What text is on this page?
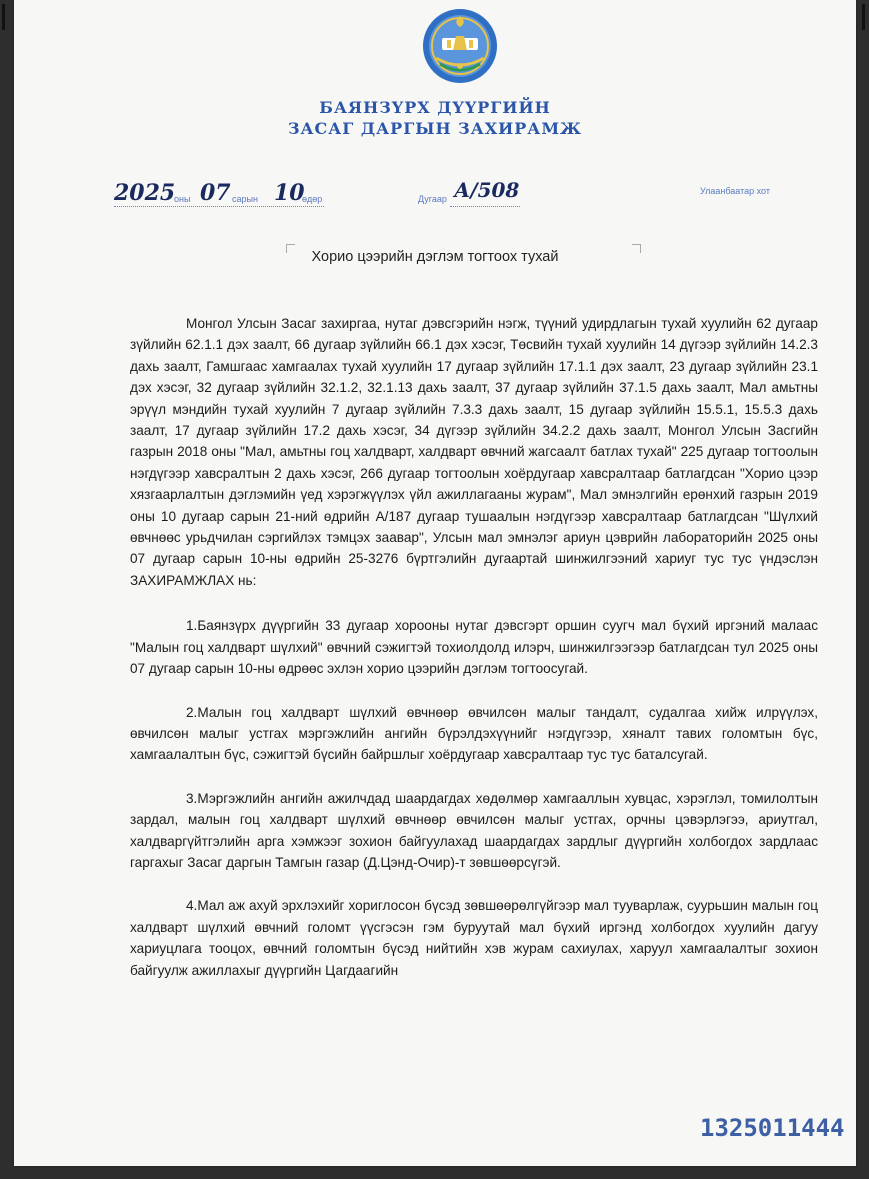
БАЯНЗҮРХ ДҮҮРГИЙН
ЗАСАГ ДАРГЫН ЗАХИРАМЖ
2025
оны 07 сарын 10
өдөр	Дугаар А/508	Улаанбаатар хот
Хорио цээрийн дэглэм тогтоох тухай

Монгол Улсын Засаг захиргаа, нутаг дэвсгэрийн нэгж, түүний удирдлагын тухай хуулийн 62 дугаар зүйлийн 62.1.1 дэх заалт, 66 дугаар зүйлийн 66.1 дэх хэсэг, Төсвийн тухай хуулийн 14 дүгээр зүйлийн 14.2.3 дахь заалт, Гамшгаас хамгаалах тухай хуулийн 17 дугаар зүйлийн 17.1.1 дэх заалт, 23 дугаар зүйлийн 23.1 дэх хэсэг, 32 дугаар зүйлийн 32.1.2, 32.1.13 дахь заалт, 37 дугаар зүйлийн 37.1.5 дахь заалт, Мал амьтны эрүүл мэндийн тухай хуулийн 7 дугаар зүйлийн 7.3.3 дахь заалт, 15 дугаар зүйлийн 15.5.1, 15.5.3 дахь заалт, 17 дугаар зүйлийн 17.2 дахь хэсэг, 34 дүгээр зүйлийн 34.2.2 дахь заалт, Монгол Улсын Засгийн газрын 2018 оны "Мал, амьтны гоц халдварт, халдварт өвчний жагсаалт батлах тухай" 225 дугаар тогтоолын нэгдүгээр хавсралтын 2 дахь хэсэг, 266 дугаар тогтоолын хоёрдугаар хавсралтаар батлагдсан "Хорио цээр хязгаарлалтын дэглэмийн үед хэрэгжүүлэх үйл ажиллагааны журам", Мал эмнэлгийн ерөнхий газрын 2019 оны 10 дугаар сарын 21-ний өдрийн А/187 дугаар тушаалын нэгдүгээр хавсралтаар батлагдсан "Шүлхий өвчнөөс урьдчилан сэргийлэх тэмцэх заавар", Улсын мал эмнэлэг ариун цэврийн лабораторийн 2025 оны 07 дугаар сарын 10-ны өдрийн 25-3276 бүртгэлийн дугаартай шинжилгээний хариуг тус тус үндэслэн ЗАХИРАМЖЛАХ нь:

1.Баянзүрх дүүргийн 33 дугаар хорооны нутаг дэвсгэрт оршин суугч мал бүхий иргэний малаас "Малын гоц халдварт шүлхий" өвчний сэжигтэй тохиолдолд илэрч, шинжилгээгээр батлагдсан тул 2025 оны 07 дугаар сарын 10-ны өдрөөс эхлэн хорио цээрийн дэглэм тогтоосугай.

2.Малын гоц халдварт шүлхий өвчнөөр өвчилсөн малыг тандалт, судалгаа хийж илрүүлэх, өвчилсөн малыг устгах мэргэжлийн ангийн бүрэлдэхүүнийг нэгдүгээр, хяналт тавих голомтын бүс, хамгаалалтын бүс, сэжигтэй бүсийн байршлыг хоёрдугаар хавсралтаар тус тус баталсугай.

3.Мэргэжлийн ангийн ажилчдад шаардагдах хөдөлмөр хамгааллын хувцас, хэрэглэл, томилолтын зардал, малын гоц халдварт шүлхий өвчнөөр өвчилсөн малыг устгах, орчны цэвэрлэгээ, ариутгал, халдваргүйтгэлийн арга хэмжээг зохион байгуулахад шаардагдах зардлыг дүүргийн холбогдох зардлаас гаргахыг Засаг даргын Тамгын газар (Д.Цэнд-Очир)-т зөвшөөрсүгэй.

4.Мал аж ахуй эрхлэхийг хориглосон бүсэд зөвшөөрөлгүйгээр мал тууварлаж, суурьшин малын гоц халдварт шүлхий өвчний голомт үүсгэсэн гэм буруутай мал бүхий иргэнд холбогдох хуулийн дагуу хариуцлага тооцох, өвчний голомтын бүсэд нийтийн хэв журам сахиулах, харуул хамгаалалтыг зохион байгуулж ажиллахыг дүүргийн Цагдаагийн

1325011444
